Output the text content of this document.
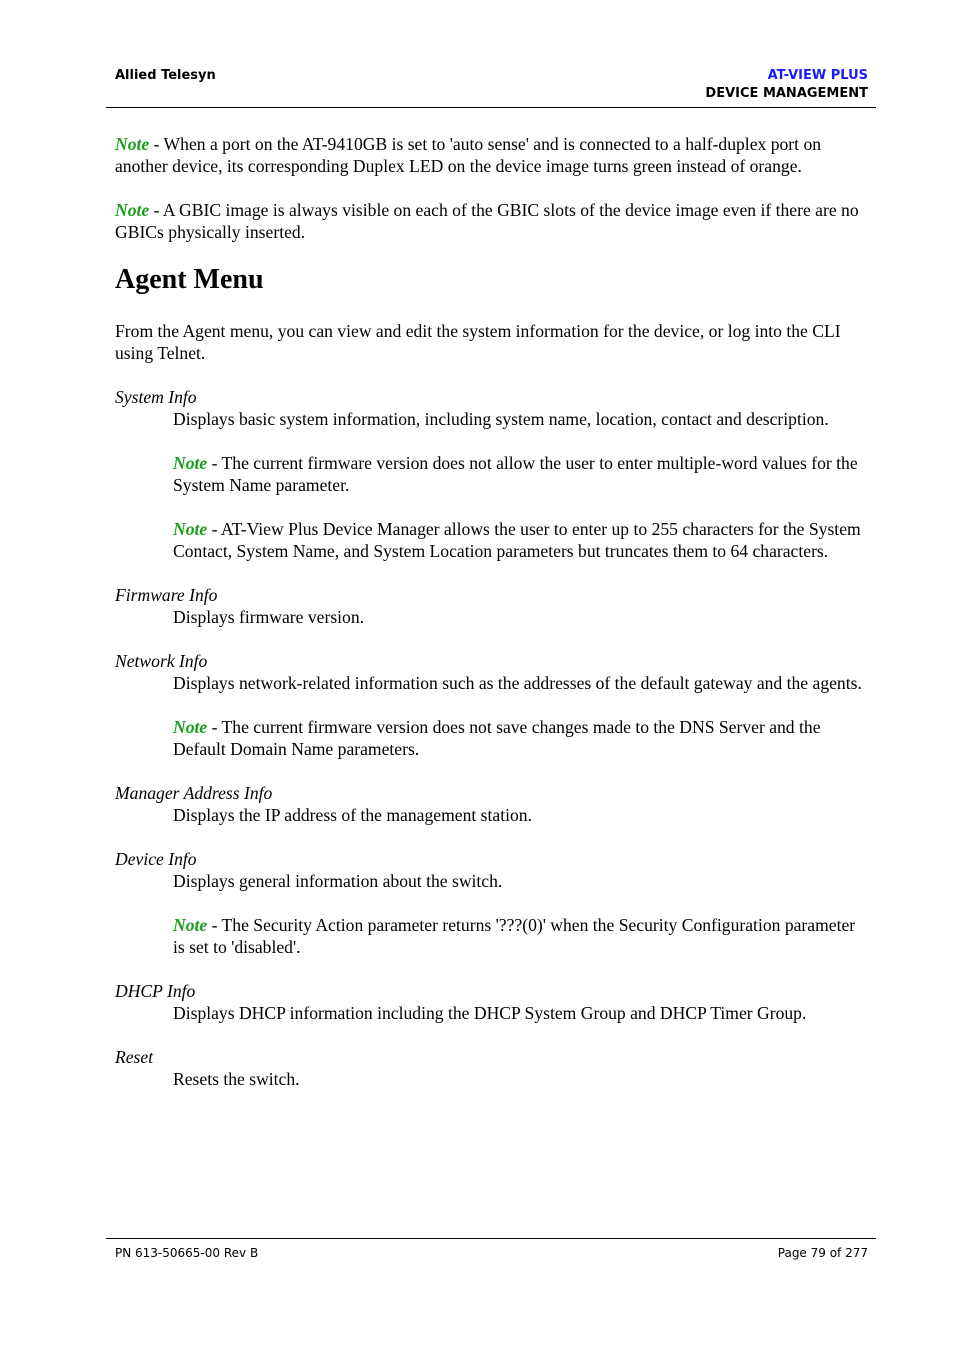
Allied Telesyn	AT-VIEW PLUS
DEVICE MANAGEMENT

Note - When a port on the AT-9410GB is set to 'auto sense' and is connected to a half-duplex port on another device, its corresponding Duplex LED on the device image turns green instead of orange.

Note - A GBIC image is always visible on each of the GBIC slots of the device image even if there are no GBICs physically inserted.

Agent Menu

From the Agent menu, you can view and edit the system information for the device, or log into the CLI using Telnet.

System Info

Displays basic system information, including system name, location, contact and description.

Note - The current firmware version does not allow the user to enter multiple-word values for the System Name parameter.

Note - AT-View Plus Device Manager allows the user to enter up to 255 characters for the System Contact, System Name, and System Location parameters but truncates them to 64 characters.

Firmware Info

Displays firmware version.

Network Info

Displays network-related information such as the addresses of the default gateway and the agents.

Note - The current firmware version does not save changes made to the DNS Server and the Default Domain Name parameters.

Manager Address Info

Displays the IP address of the management station.

Device Info

Displays general information about the switch.

Note - The Security Action parameter returns '???(0)' when the Security Configuration parameter is set to 'disabled'.

DHCP Info

Displays DHCP information including the DHCP System Group and DHCP Timer Group.

Reset

Resets the switch.

PN 613-50665-00 Rev B	Page 79 of 277
